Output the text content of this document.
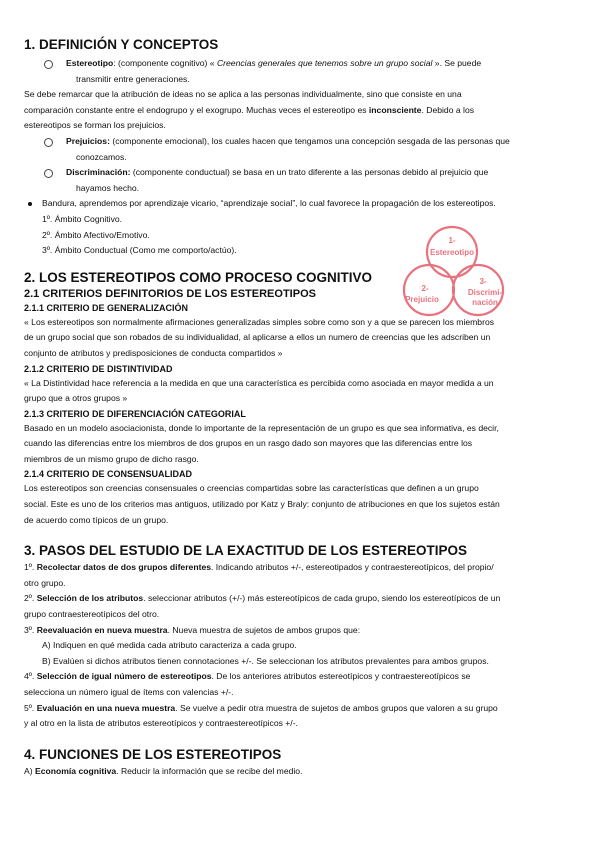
1. DEFINICIÓN Y CONCEPTOS
Estereotipo: (componente cognitivo) « Creencias generales que tenemos sobre un grupo social ». Se puede
transmitir entre generaciones.
Se debe remarcar que la atribución de ideas no se aplica a las personas individualmente, sino que consiste en una
comparación constante entre el endogrupo y el exogrupo. Muchas veces el estereotipo es inconsciente. Debido a los
estereotipos se forman los prejuicios.
Prejuicios: (componente emocional), los cuales hacen que tengamos una concepción sesgada de las personas que
conozcamos.
Discriminación: (componente conductual) se basa en un trato diferente a las personas debido al prejuicio que
hayamos hecho.
Bandura, aprendemos por aprendizaje vicario, “aprendizaje social”, lo cual favorece la propagación de los estereotipos.
1º. Ámbito Cognitivo.
2º. Ámbito Afectivo/Emotivo.
3º. Ámbito Conductual (Como me comporto/actúo).
2. LOS ESTEREOTIPOS COMO PROCESO COGNITIVO
2.1 CRITERIOS DEFINITORIOS DE LOS ESTEREOTIPOS
2.1.1 CRITERIO DE GENERALIZACIÓN
« Los estereotipos son normalmente afirmaciones generalizadas simples sobre como son y a que se parecen los miembros
de un grupo social que son robados de su individualidad, al aplicarse a ellos un numero de creencias que les adscriben un
conjunto de atributos y predisposiciones de conducta compartidos »
2.1.2 CRITERIO DE DISTINTIVIDAD
« La Distintividad hace referencia a la medida en que una característica es percibida como asociada en mayor medida a un
grupo que a otros grupos »
2.1.3 CRITERIO DE DIFERENCIACIÓN CATEGORIAL
Basado en un modelo asociacionista, donde lo importante de la representación de un grupo es que sea informativa, es decir,
cuando las diferencias entre los miembros de dos grupos en un rasgo dado son mayores que las diferencias entre los
miembros de un mismo grupo de dicho rasgo.
2.1.4 CRITERIO DE CONSENSUALIDAD
Los estereotipos son creencias consensuales o creencias compartidas sobre las características que definen a un grupo
social. Este es uno de los criterios mas antiguos, utilizado por Katz y Braly: conjunto de atribuciones en que los sujetos están
de acuerdo como típicos de un grupo.
3. PASOS DEL ESTUDIO DE LA EXACTITUD DE LOS ESTEREOTIPOS
1º. Recolectar datos de dos grupos diferentes. Indicando atributos +/-, estereotipados y contraestereotípicos, del propio/
otro grupo.
2º. Selección de los atributos. seleccionar atributos (+/-) más estereotípicos de cada grupo, siendo los estereotípicos de un
grupo contraestereotípicos del otro.
3º. Reevaluación en nueva muestra. Nueva muestra de sujetos de ambos grupos que:
A) Indiquen en qué medida cada atributo caracteriza a cada grupo.
B) Evalúen si dichos atributos tienen connotaciones +/-. Se seleccionan los atributos prevalentes para ambos grupos.
4º. Selección de igual número de estereotipos. De los anteriores atributos estereotípicos y contraestereotípicos se
selecciona un número igual de ítems con valencias +/-.
5º. Evaluación en una nueva muestra. Se vuelve a pedir otra muestra de sujetos de ambos grupos que valoren a su grupo
y al otro en la lista de atributos estereotípicos y contraestereotípicos +/-.
4. FUNCIONES DE LOS ESTEREOTIPOS
A) Economía cognitiva. Reducir la información que se recibe del medio.
1-
Estereotipo
2-
Prejuicio
3-
Discrimi-
nación
